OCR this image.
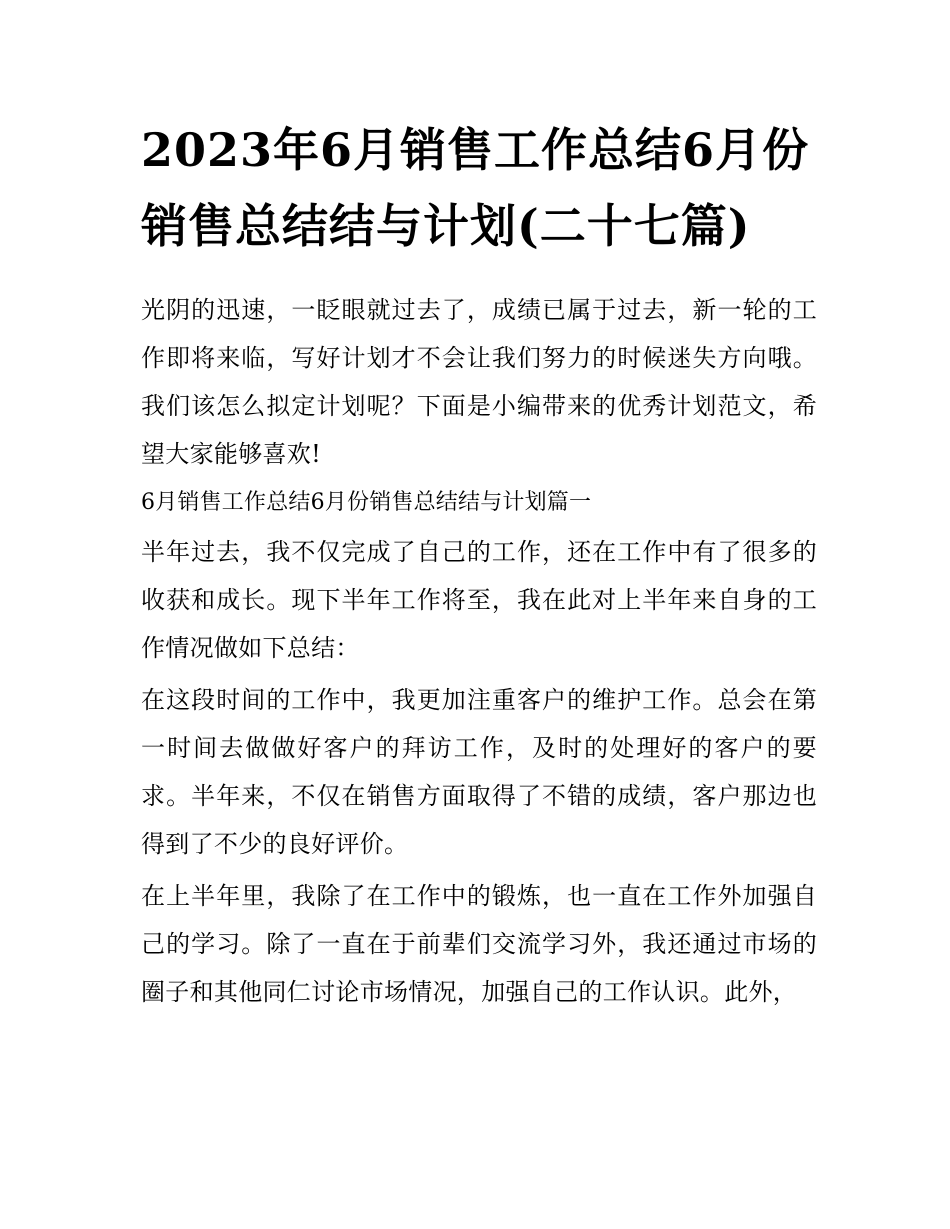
2023年6月销售工作总结6月份销售总结结与计划(二十七篇)

光阴的迅速，一眨眼就过去了，成绩已属于过去，新一轮的工作即将来临，写好计划才不会让我们努力的时候迷失方向哦。我们该怎么拟定计划呢？下面是小编带来的优秀计划范文，希望大家能够喜欢!

6月销售工作总结6月份销售总结结与计划篇一

半年过去，我不仅完成了自己的工作，还在工作中有了很多的收获和成长。现下半年工作将至，我在此对上半年来自身的工作情况做如下总结：

在这段时间的工作中，我更加注重客户的维护工作。总会在第一时间去做做好客户的拜访工作，及时的处理好的客户的要求。半年来，不仅在销售方面取得了不错的成绩，客户那边也得到了不少的良好评价。

在上半年里，我除了在工作中的锻炼，也一直在工作外加强自己的学习。除了一直在于前辈们交流学习外，我还通过市场的圈子和其他同仁讨论市场情况，加强自己的工作认识。此外，
